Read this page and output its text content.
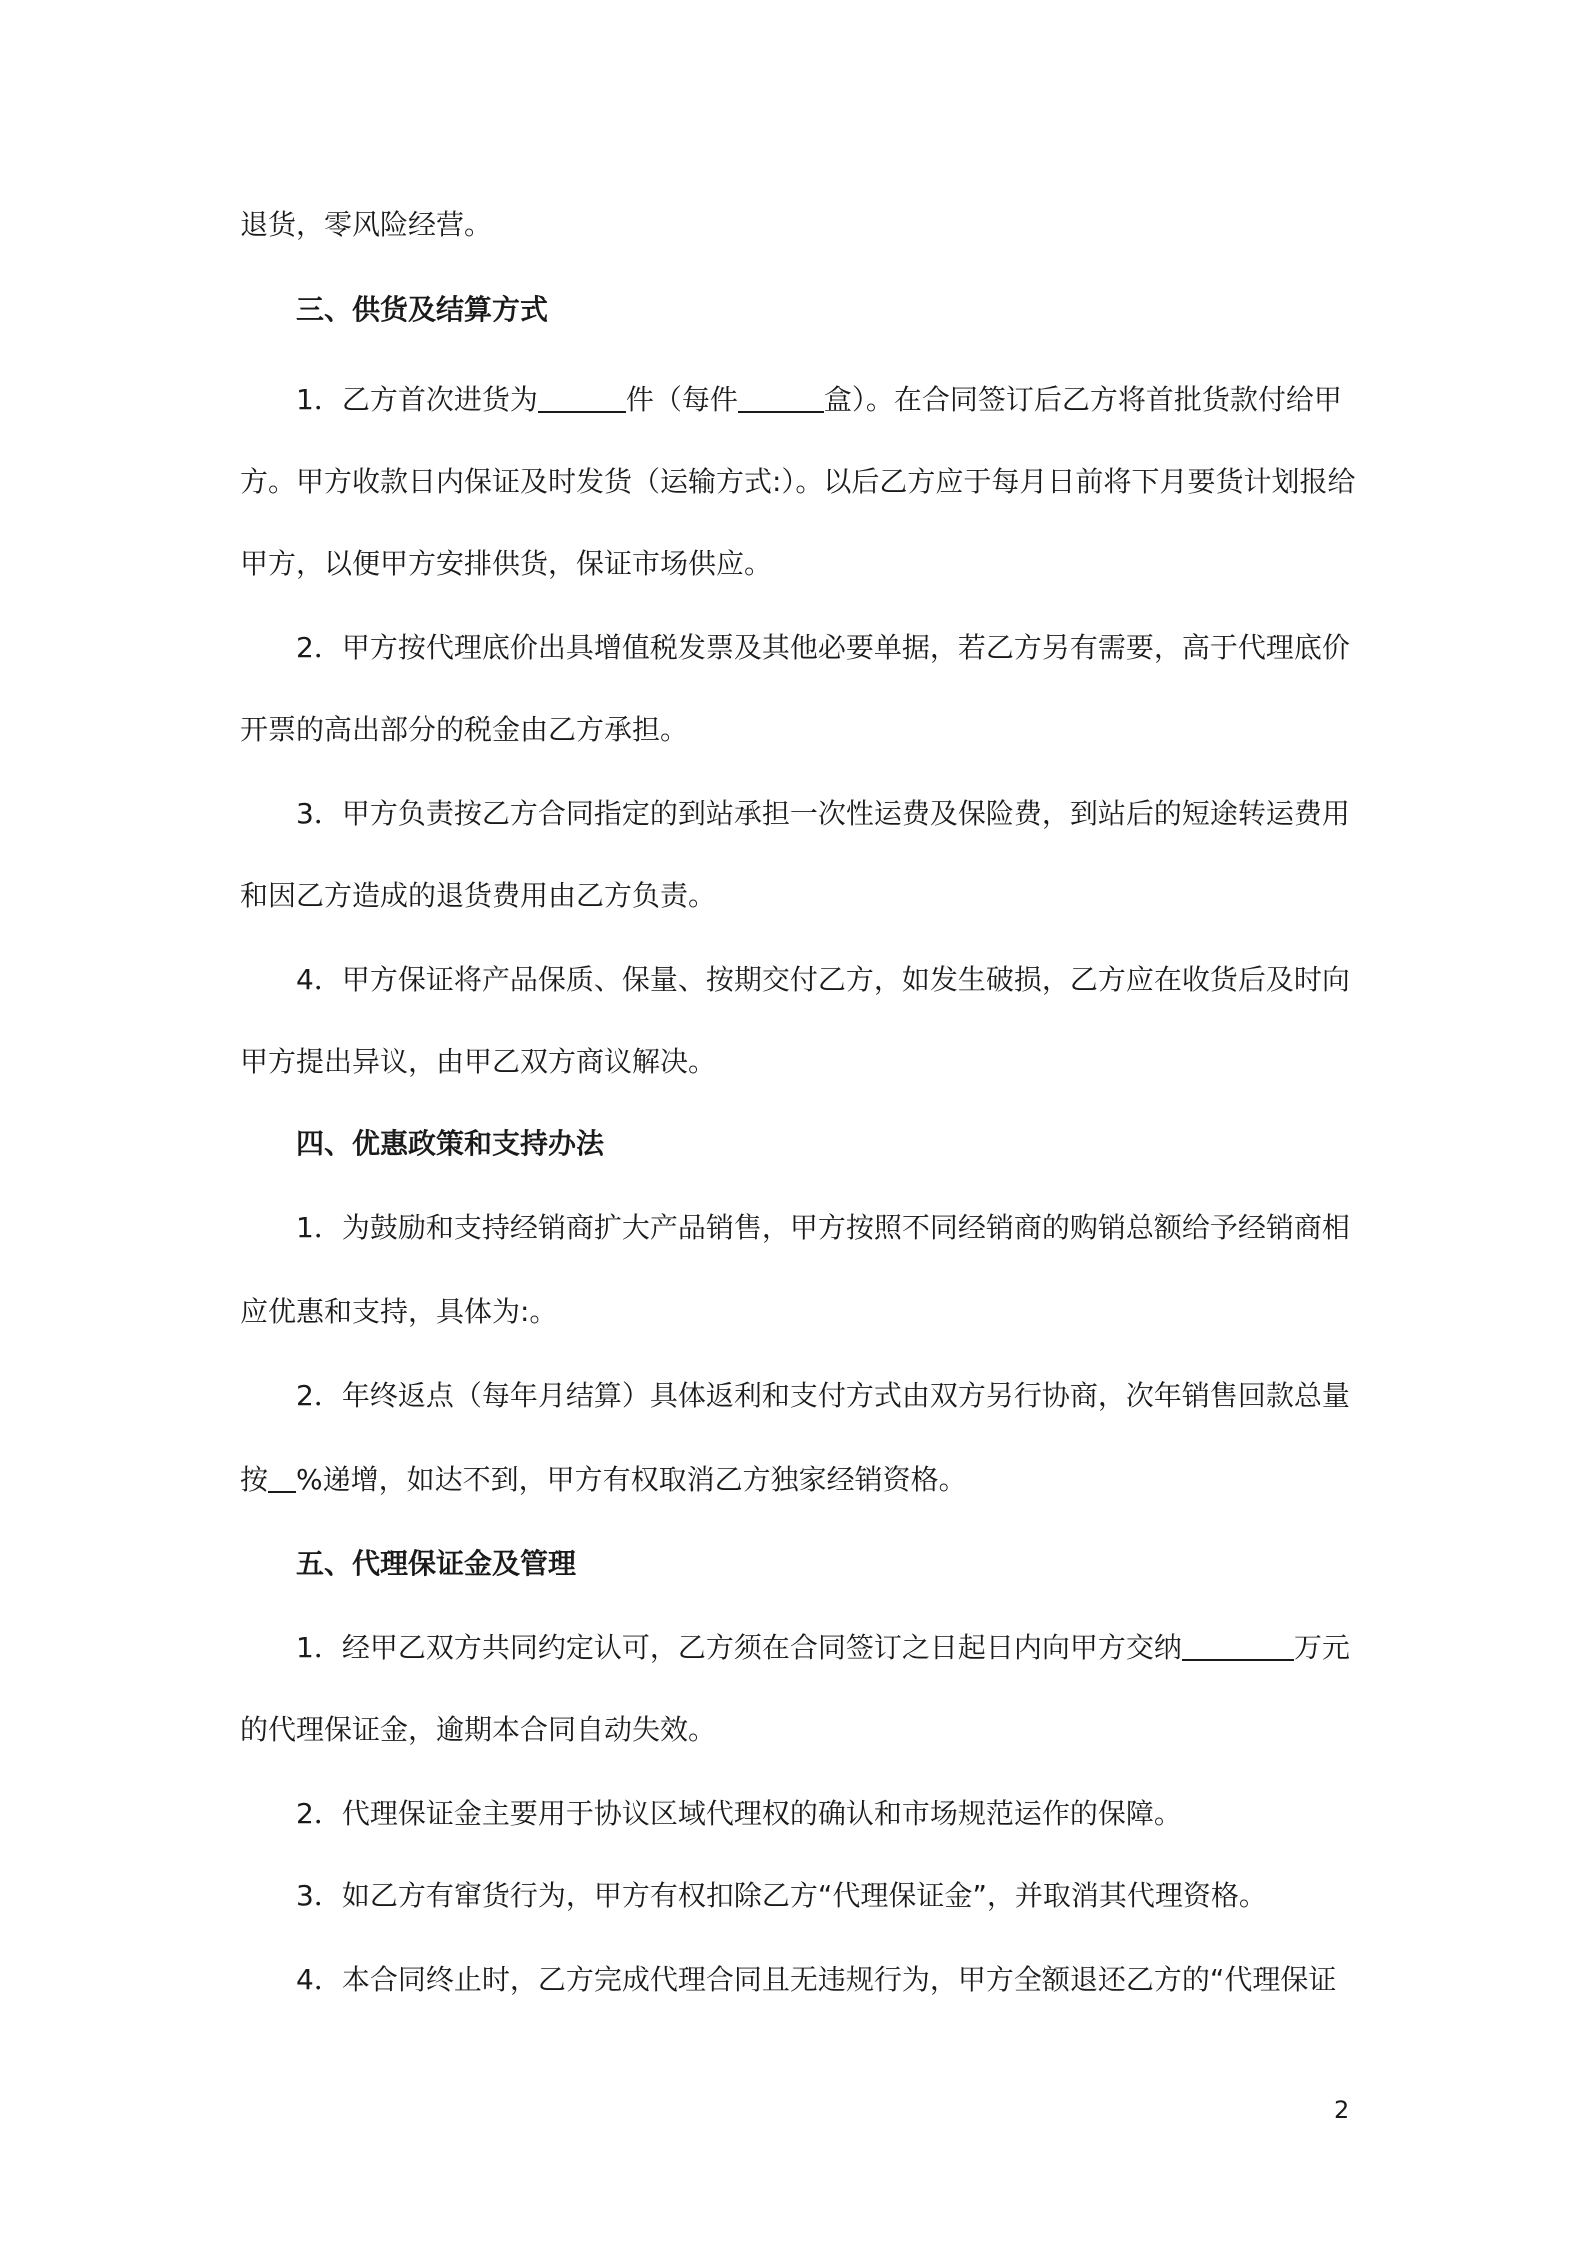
退货，零风险经营。
三、供货及结算方式
1．乙方首次进货为	件（每件	盒）。在合同签订后乙方将首批货款付给甲
方。甲方收款日内保证及时发货（运输方式:）。以后乙方应于每月日前将下月要货计划报给
甲方，以便甲方安排供货，保证市场供应。
2．甲方按代理底价出具增值税发票及其他必要单据，若乙方另有需要，高于代理底价
开票的高出部分的税金由乙方承担。
3．甲方负责按乙方合同指定的到站承担一次性运费及保险费，到站后的短途转运费用
和因乙方造成的退货费用由乙方负责。
4．甲方保证将产品保质、保量、按期交付乙方，如发生破损，乙方应在收货后及时向
甲方提出异议，由甲乙双方商议解决。
四、优惠政策和支持办法
1．为鼓励和支持经销商扩大产品销售，甲方按照不同经销商的购销总额给予经销商相
应优惠和支持，具体为:。
2．年终返点（每年月结算）具体返利和支付方式由双方另行协商，次年销售回款总量
按 %递增，如达不到，甲方有权取消乙方独家经销资格。
五、代理保证金及管理
1．经甲乙双方共同约定认可，乙方须在合同签订之日起日内向甲方交纳	万元
的代理保证金，逾期本合同自动失效。
2．代理保证金主要用于协议区域代理权的确认和市场规范运作的保障。
3．如乙方有窜货行为，甲方有权扣除乙方“代理保证金”，并取消其代理资格。
4．本合同终止时，乙方完成代理合同且无违规行为，甲方全额退还乙方的“代理保证
2
